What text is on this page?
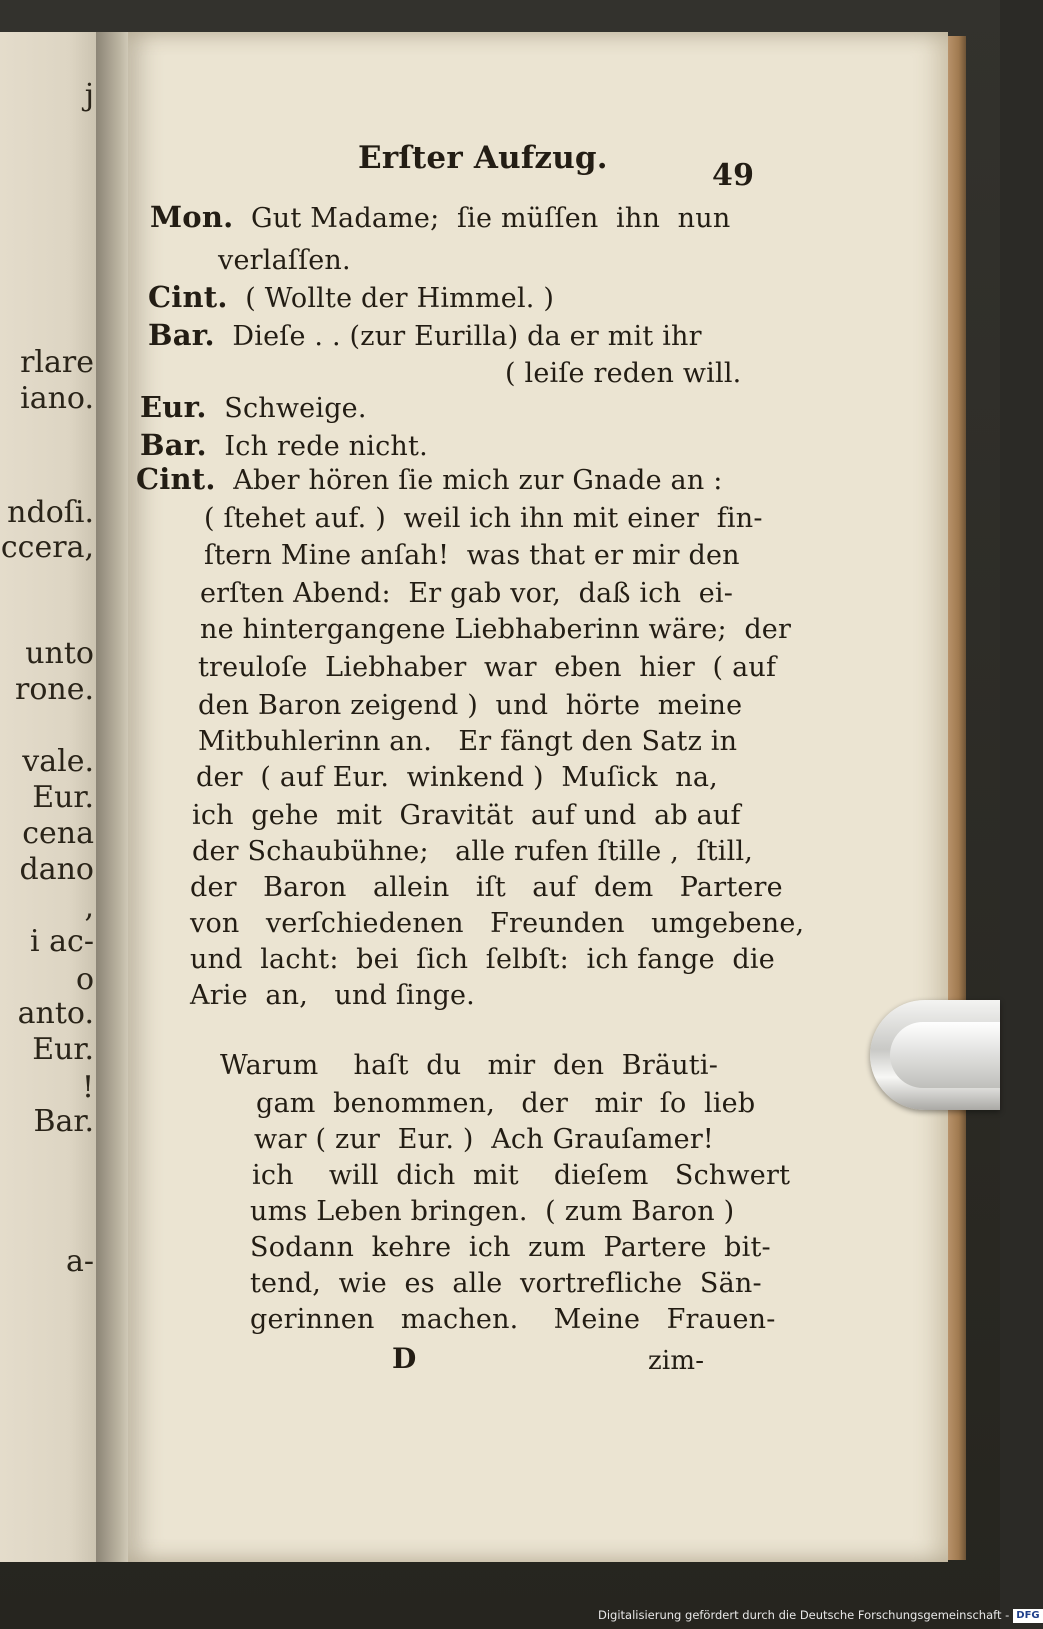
j
rlare
iano.
ndoſi.
ccera,
unto
rone.
vale.
Eur.
cena
dano
,
i ac-
o
anto.
Eur.
!
Bar.
a-
Erſter Aufzug.	49
Mon.  Gut Madame;  ſie müſſen  ihn  nun
verlaſſen.
Cint.  ( Wollte der Himmel. )
Bar.  Dieſe . . (zur Eurilla) da er mit ihr
( leiſe reden will.
Eur.  Schweige.
Bar.  Ich rede nicht.
Cint.  Aber hören ſie mich zur Gnade an :
( ſtehet auf. )  weil ich ihn mit einer  fin-
ſtern Mine anſah!  was that er mir den
erſten Abend:  Er gab vor,  daß ich  ei-
ne hintergangene Liebhaberinn wäre;  der
treuloſe  Liebhaber  war  eben  hier  ( auf
den Baron zeigend )  und  hörte  meine
Mitbuhlerinn an.   Er fängt den Satz in
der  ( auf Eur.  winkend )  Muſick  na,
ich  gehe  mit  Gravität  auf und  ab auf
der Schaubühne;   alle rufen ſtille ,  ſtill,
der   Baron   allein   iſt   auf  dem   Partere
von   verſchiedenen   Freunden   umgebene,
und  lacht:  bei  ſich  ſelbſt:  ich fange  die
Arie  an,   und ſinge.
Warum    haſt  du   mir  den  Bräuti-
gam  benommen,   der   mir  ſo  lieb
war ( zur  Eur. )  Ach Grauſamer!
ich    will  dich  mit    dieſem   Schwert
ums Leben bringen.  ( zum Baron )
Sodann  kehre  ich  zum  Partere  bit-
tend,  wie  es  alle  vortrefliche  Sän-
gerinnen   machen.    Meine   Frauen-
D	zim-
Digitalisierung gefördert durch die Deutsche Forschungsgemeinschaft - DFG
